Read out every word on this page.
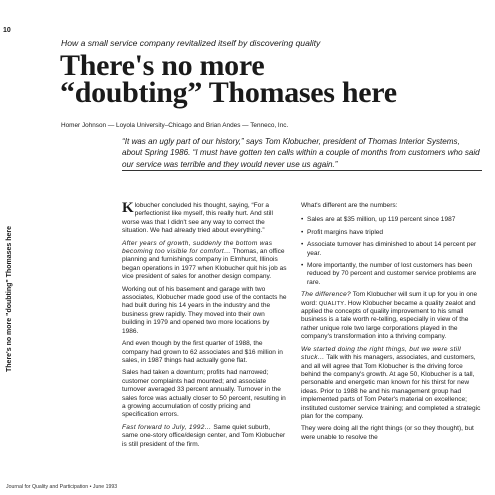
10
There's no more "doubting" Thomases here
How a small service company revitalized itself by discovering quality
There's no more
“doubting” Thomases here
Homer Johnson — Loyola University–Chicago and Brian Andes — Tenneco, Inc.
“It was an ugly part of our history,” says Tom Klobucher, president of Thomas Interior Systems, about Spring 1986. “I must have gotten ten calls within a couple of months from customers who said our service was terrible and they would never use us again.”

Klobucher concluded his thought, saying, “For a perfectionist like myself, this really hurt. And still worse was that I didn't see any way to correct the situation. We had already tried about everything.”

After years of growth, suddenly the bottom was becoming too visible for comfort… Thomas, an office planning and furnishings company in Elmhurst, Illinois began operations in 1977 when Klobucher quit his job as vice president of sales for another design company.

Working out of his basement and garage with two associates, Klobucher made good use of the contacts he had built during his 14 years in the industry and the business grew rapidly. They moved into their own building in 1979 and opened two more locations by 1986.

And even though by the first quarter of 1988, the company had grown to 62 associates and $16 million in sales, in 1987 things had actually gone flat.

Sales had taken a downturn; profits had narrowed; customer complaints had mounted; and associate turnover averaged 33 percent annually. Turnover in the sales force was actually closer to 50 percent, resulting in a growing accumulation of costly pricing and specification errors.

Fast forward to July, 1992… Same quiet suburb, same one-story office/design center, and Tom Klobucher is still president of the firm.

What's different are the numbers:

• Sales are at $35 million, up 119 percent since 1987
• Profit margins have tripled
• Associate turnover has diminished to about 14 percent per year.
• More importantly, the number of lost customers has been reduced by 70 percent and customer service problems are rare.

The difference? Tom Klobucher will sum it up for you in one word: QUALITY. How Klobucher became a quality zealot and applied the concepts of quality improvement to his small business is a tale worth re-telling, especially in view of the rather unique role two large corporations played in the company's transformation into a thriving company.

We started doing the right things, but we were still stuck… Talk with his managers, associates, and customers, and all will agree that Tom Klobucher is the driving force behind the company's growth. At age 50, Klobucher is a tall, personable and energetic man known for his thirst for new ideas. Prior to 1988 he and his management group had implemented parts of Tom Peter's material on excellence; instituted customer service training; and completed a strategic plan for the company.

They were doing all the right things (or so they thought), but were unable to resolve the

Journal for Quality and Participation • June 1993
